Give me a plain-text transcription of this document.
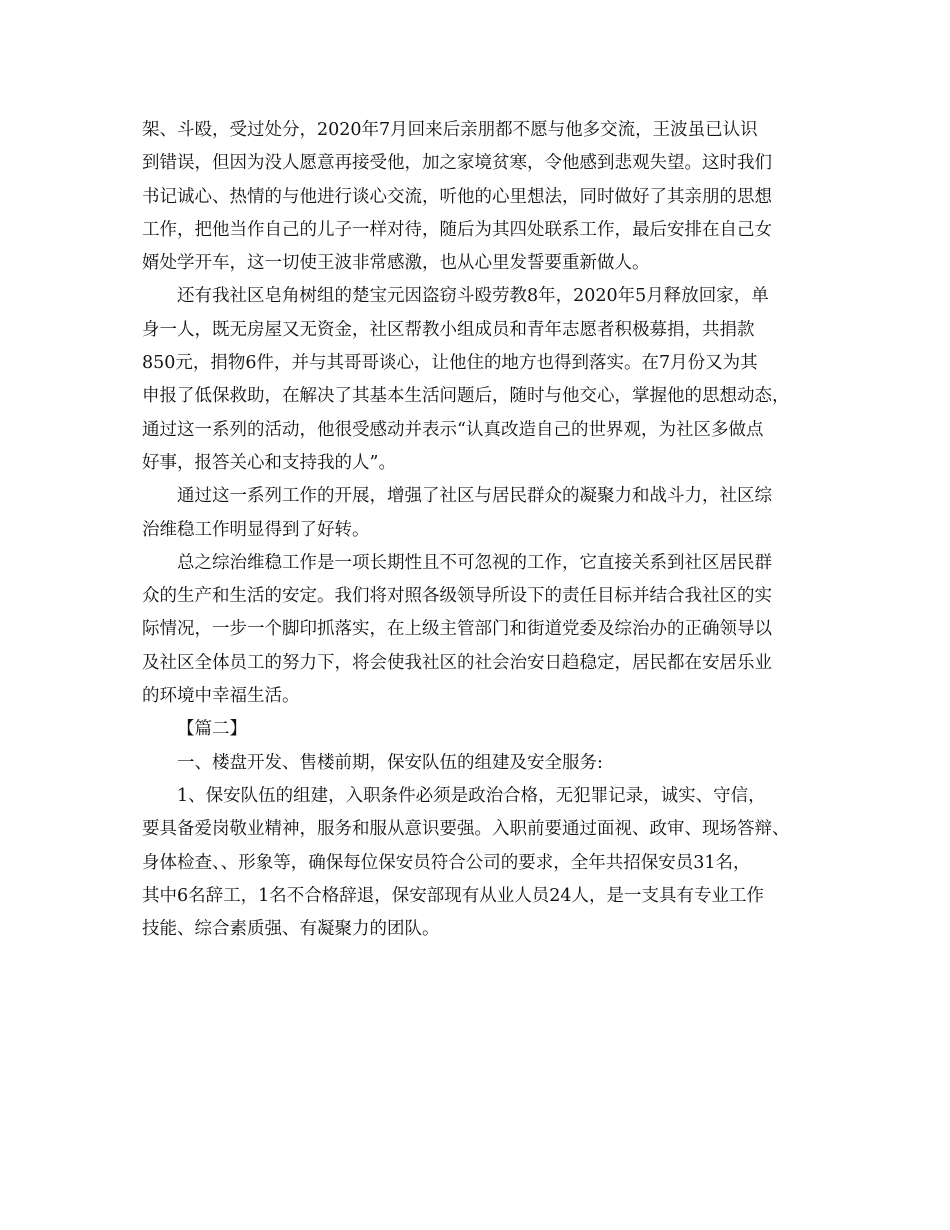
架、斗殴，受过处分，2020年7月回来后亲朋都不愿与他多交流，王波虽已认识
到错误，但因为没人愿意再接受他，加之家境贫寒，令他感到悲观失望。这时我们
书记诚心、热情的与他进行谈心交流，听他的心里想法，同时做好了其亲朋的思想
工作，把他当作自己的儿子一样对待，随后为其四处联系工作，最后安排在自己女
婿处学开车，这一切使王波非常感激，也从心里发誓要重新做人。
还有我社区皂角树组的楚宝元因盗窃斗殴劳教8年，2020年5月释放回家，单
身一人，既无房屋又无资金，社区帮教小组成员和青年志愿者积极募捐，共捐款
850元，捐物6件，并与其哥哥谈心，让他住的地方也得到落实。在7月份又为其
申报了低保救助，在解决了其基本生活问题后，随时与他交心，掌握他的思想动态，
通过这一系列的活动，他很受感动并表示“认真改造自己的世界观，为社区多做点
好事，报答关心和支持我的人”。
通过这一系列工作的开展，增强了社区与居民群众的凝聚力和战斗力，社区综
治维稳工作明显得到了好转。
总之综治维稳工作是一项长期性且不可忽视的工作，它直接关系到社区居民群
众的生产和生活的安定。我们将对照各级领导所设下的责任目标并结合我社区的实
际情况，一步一个脚印抓落实，在上级主管部门和街道党委及综治办的正确领导以
及社区全体员工的努力下，将会使我社区的社会治安日趋稳定，居民都在安居乐业
的环境中幸福生活。
【篇二】
一、楼盘开发、售楼前期，保安队伍的组建及安全服务:
1、保安队伍的组建，入职条件必须是政治合格，无犯罪记录，诚实、守信，
要具备爱岗敬业精神，服务和服从意识要强。入职前要通过面视、政审、现场答辩、
身体检查、、形象等，确保每位保安员符合公司的要求，全年共招保安员31名，
其中6名辞工，1名不合格辞退，保安部现有从业人员24人，是一支具有专业工作
技能、综合素质强、有凝聚力的团队。
